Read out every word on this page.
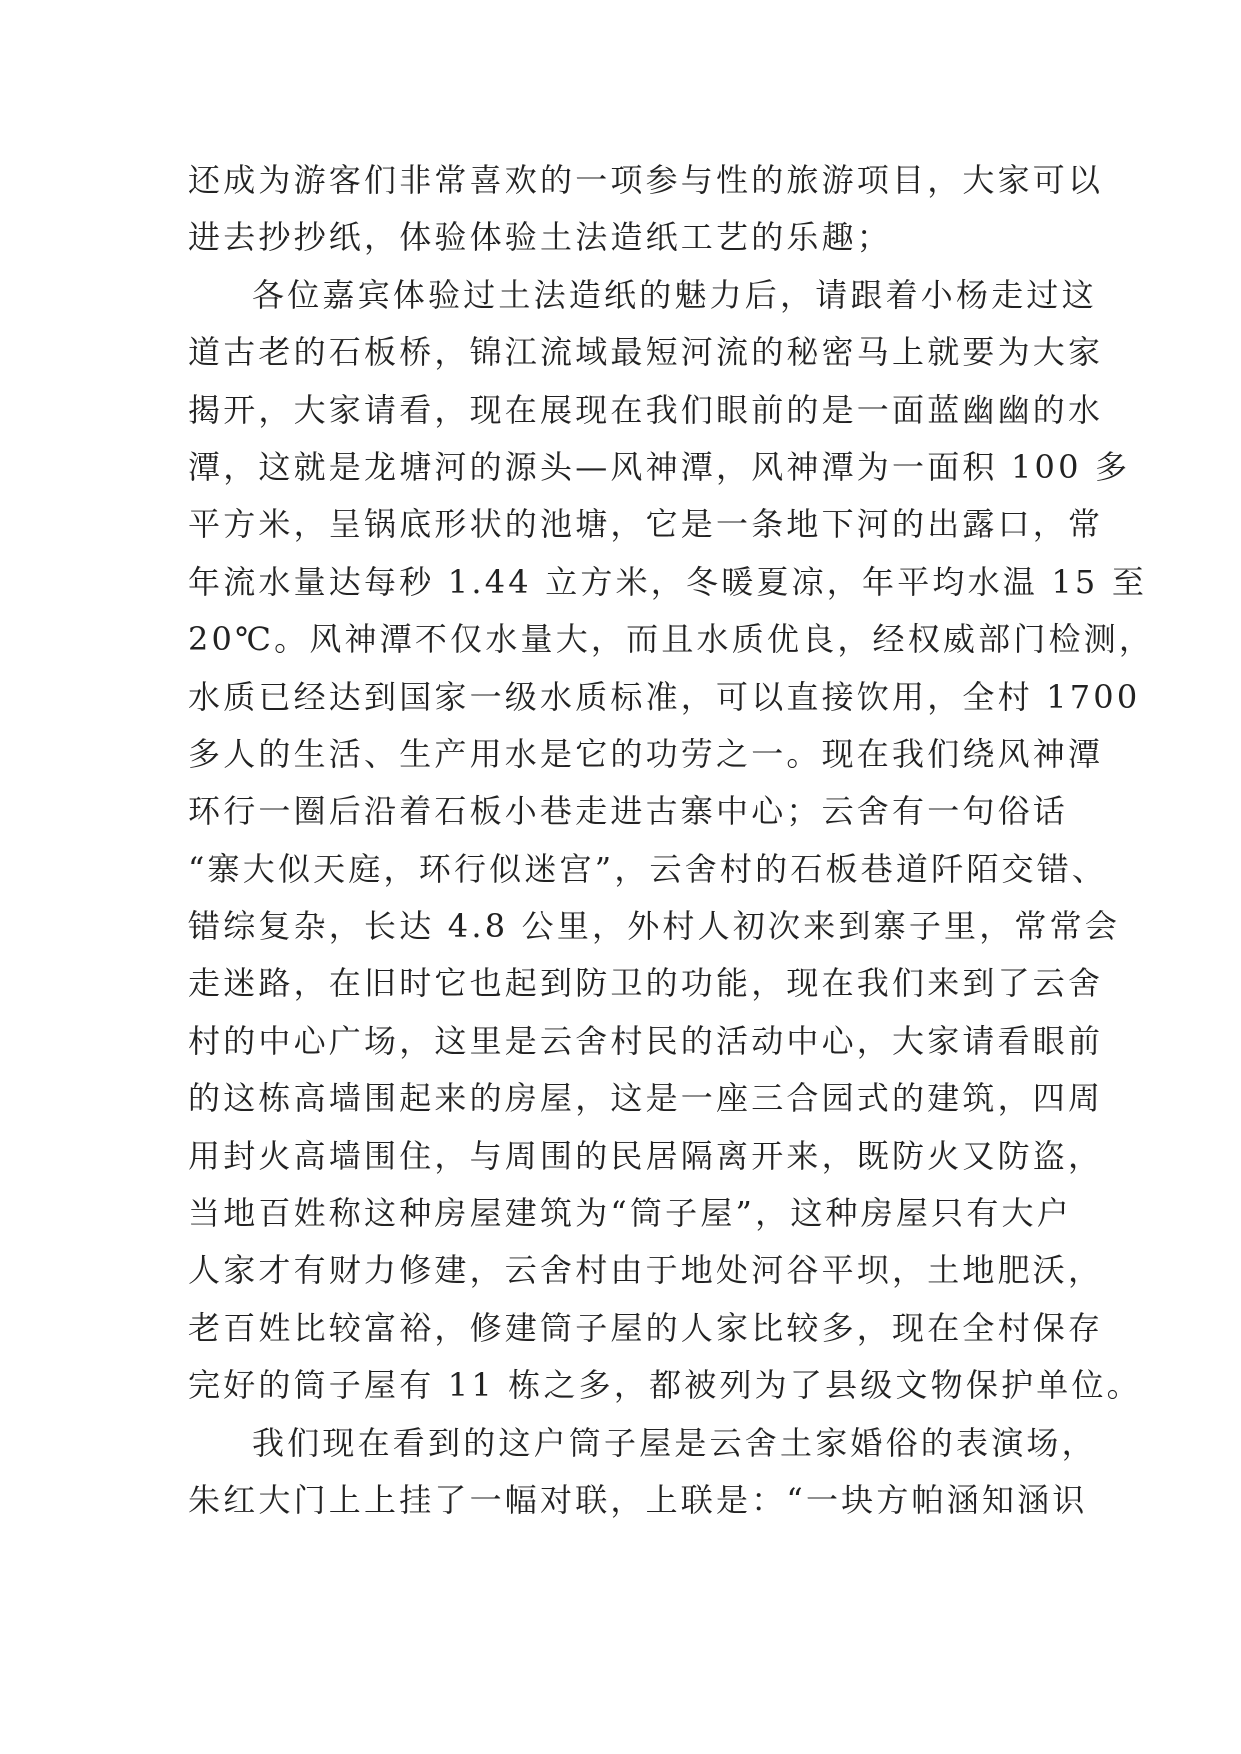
还成为游客们非常喜欢的一项参与性的旅游项目，大家可以
进去抄抄纸，体验体验土法造纸工艺的乐趣；
各位嘉宾体验过土法造纸的魅力后，请跟着小杨走过这
道古老的石板桥，锦江流域最短河流的秘密马上就要为大家
揭开，大家请看，现在展现在我们眼前的是一面蓝幽幽的水
潭，这就是龙塘河的源头—风神潭，风神潭为一面积 100 多
平方米，呈锅底形状的池塘，它是一条地下河的出露口，常
年流水量达每秒 1.44 立方米，冬暖夏凉，年平均水温 15 至
20℃。风神潭不仅水量大，而且水质优良，经权威部门检测，
水质已经达到国家一级水质标准，可以直接饮用，全村 1700
多人的生活、生产用水是它的功劳之一。现在我们绕风神潭
环行一圈后沿着石板小巷走进古寨中心；云舍有一句俗话
“寨大似天庭，环行似迷宫”，云舍村的石板巷道阡陌交错、
错综复杂，长达 4.8 公里，外村人初次来到寨子里，常常会
走迷路，在旧时它也起到防卫的功能，现在我们来到了云舍
村的中心广场，这里是云舍村民的活动中心，大家请看眼前
的这栋高墙围起来的房屋，这是一座三合园式的建筑，四周
用封火高墙围住，与周围的民居隔离开来，既防火又防盗，
当地百姓称这种房屋建筑为“筒子屋”，这种房屋只有大户
人家才有财力修建，云舍村由于地处河谷平坝，土地肥沃，
老百姓比较富裕，修建筒子屋的人家比较多，现在全村保存
完好的筒子屋有 11 栋之多，都被列为了县级文物保护单位。
我们现在看到的这户筒子屋是云舍土家婚俗的表演场，
朱红大门上上挂了一幅对联，上联是：“一块方帕涵知涵识
